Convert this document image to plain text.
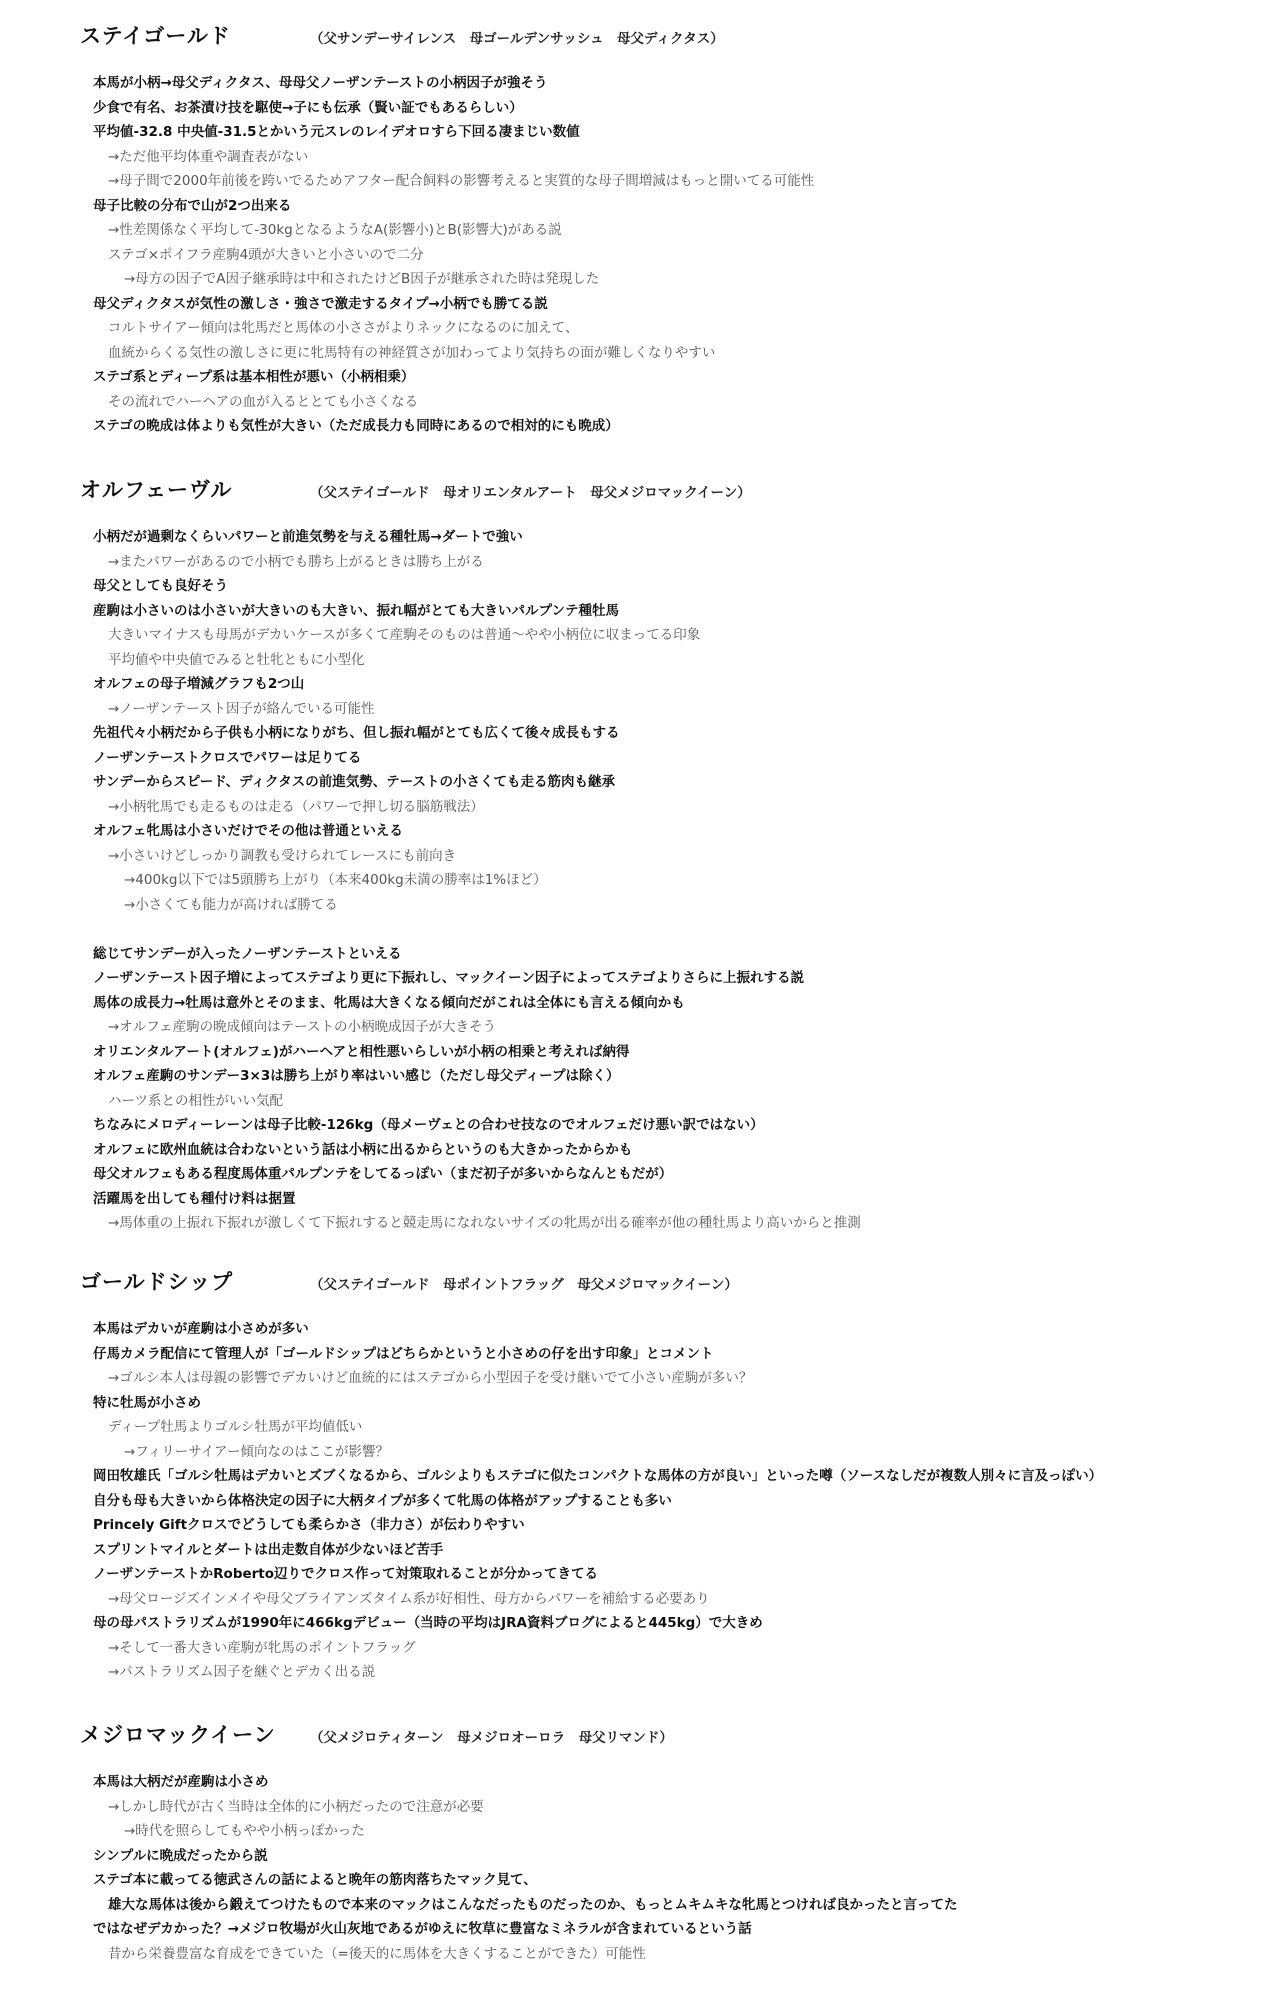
ステイゴールド	（父サンデーサイレンス　母ゴールデンサッシュ　母父ディクタス）
本馬が小柄→母父ディクタス、母母父ノーザンテーストの小柄因子が強そう
少食で有名、お茶漬け技を駆使→子にも伝承（賢い証でもあるらしい）
平均値-32.8 中央値-31.5とかいう元スレのレイデオロすら下回る凄まじい数値
→ただ他平均体重や調査表がない
→母子間で2000年前後を跨いでるためアフター配合飼料の影響考えると実質的な母子間増減はもっと開いてる可能性
母子比較の分布で山が2つ出来る
→性差関係なく平均して-30kgとなるようなA(影響小)とB(影響大)がある説
ステゴ×ポイフラ産駒4頭が大きいと小さいので二分
→母方の因子でA因子継承時は中和されたけどB因子が継承された時は発現した
母父ディクタスが気性の激しさ・強さで激走するタイプ→小柄でも勝てる説
コルトサイアー傾向は牝馬だと馬体の小ささがよりネックになるのに加えて、
血統からくる気性の激しさに更に牝馬特有の神経質さが加わってより気持ちの面が難しくなりやすい
ステゴ系とディープ系は基本相性が悪い（小柄相乗）
その流れでハーヘアの血が入るととても小さくなる
ステゴの晩成は体よりも気性が大きい（ただ成長力も同時にあるので相対的にも晩成）
オルフェーヴル	（父ステイゴールド　母オリエンタルアート　母父メジロマックイーン）
小柄だが過剰なくらいパワーと前進気勢を与える種牡馬→ダートで強い
→またパワーがあるので小柄でも勝ち上がるときは勝ち上がる
母父としても良好そう
産駒は小さいのは小さいが大きいのも大きい、振れ幅がとても大きいパルプンテ種牡馬
大きいマイナスも母馬がデカいケースが多くて産駒そのものは普通〜やや小柄位に収まってる印象
平均値や中央値でみると牡牝ともに小型化
オルフェの母子増減グラフも2つ山
→ノーザンテースト因子が絡んでいる可能性
先祖代々小柄だから子供も小柄になりがち、但し振れ幅がとても広くて後々成長もする
ノーザンテーストクロスでパワーは足りてる
サンデーからスピード、ディクタスの前進気勢、テーストの小さくても走る筋肉も継承
→小柄牝馬でも走るものは走る（パワーで押し切る脳筋戦法）
オルフェ牝馬は小さいだけでその他は普通といえる
→小さいけどしっかり調教も受けられてレースにも前向き
→400kg以下では5頭勝ち上がり（本来400kg未満の勝率は1%ほど）
→小さくても能力が高ければ勝てる
総じてサンデーが入ったノーザンテーストといえる
ノーザンテースト因子増によってステゴより更に下振れし、マックイーン因子によってステゴよりさらに上振れする説
馬体の成長力→牡馬は意外とそのまま、牝馬は大きくなる傾向だがこれは全体にも言える傾向かも
→オルフェ産駒の晩成傾向はテーストの小柄晩成因子が大きそう
オリエンタルアート(オルフェ)がハーヘアと相性悪いらしいが小柄の相乗と考えれば納得
オルフェ産駒のサンデー3×3は勝ち上がり率はいい感じ（ただし母父ディープは除く）
ハーツ系との相性がいい気配
ちなみにメロディーレーンは母子比較-126kg（母メーヴェとの合わせ技なのでオルフェだけ悪い訳ではない）
オルフェに欧州血統は合わないという話は小柄に出るからというのも大きかったからかも
母父オルフェもある程度馬体重パルプンテをしてるっぽい（まだ初子が多いからなんともだが）
活躍馬を出しても種付け料は据置
→馬体重の上振れ下振れが激しくて下振れすると競走馬になれないサイズの牝馬が出る確率が他の種牡馬より高いからと推測
ゴールドシップ	（父ステイゴールド　母ポイントフラッグ　母父メジロマックイーン）
本馬はデカいが産駒は小さめが多い
仔馬カメラ配信にて管理人が「ゴールドシップはどちらかというと小さめの仔を出す印象」とコメント
→ゴルシ本人は母親の影響でデカいけど血統的にはステゴから小型因子を受け継いでて小さい産駒が多い？
特に牡馬が小さめ
ディープ牡馬よりゴルシ牡馬が平均値低い
→フィリーサイアー傾向なのはここが影響？
岡田牧雄氏「ゴルシ牡馬はデカいとズブくなるから、ゴルシよりもステゴに似たコンパクトな馬体の方が良い」といった噂（ソースなしだが複数人別々に言及っぽい）
自分も母も大きいから体格決定の因子に大柄タイプが多くて牝馬の体格がアップすることも多い
Princely Giftクロスでどうしても柔らかさ（非力さ）が伝わりやすい
スプリントマイルとダートは出走数自体が少ないほど苦手
ノーザンテーストかRoberto辺りでクロス作って対策取れることが分かってきてる
→母父ロージズインメイや母父ブライアンズタイム系が好相性、母方からパワーを補給する必要あり
母の母パストラリズムが1990年に466kgデビュー（当時の平均はJRA資料ブログによると445kg）で大きめ
→そして一番大きい産駒が牝馬のポイントフラッグ
→パストラリズム因子を継ぐとデカく出る説
メジロマックイーン	（父メジロティターン　母メジロオーロラ　母父リマンド）
本馬は大柄だが産駒は小さめ
→しかし時代が古く当時は全体的に小柄だったので注意が必要
→時代を照らしてもやや小柄っぽかった
シンプルに晩成だったから説
ステゴ本に載ってる徳武さんの話によると晩年の筋肉落ちたマック見て、
雄大な馬体は後から鍛えてつけたもので本来のマックはこんなだったものだったのか、もっとムキムキな牝馬とつければ良かったと言ってた
ではなぜデカかった？→メジロ牧場が火山灰地であるがゆえに牧草に豊富なミネラルが含まれているという話
昔から栄養豊富な育成をできていた（=後天的に馬体を大きくすることができた）可能性
